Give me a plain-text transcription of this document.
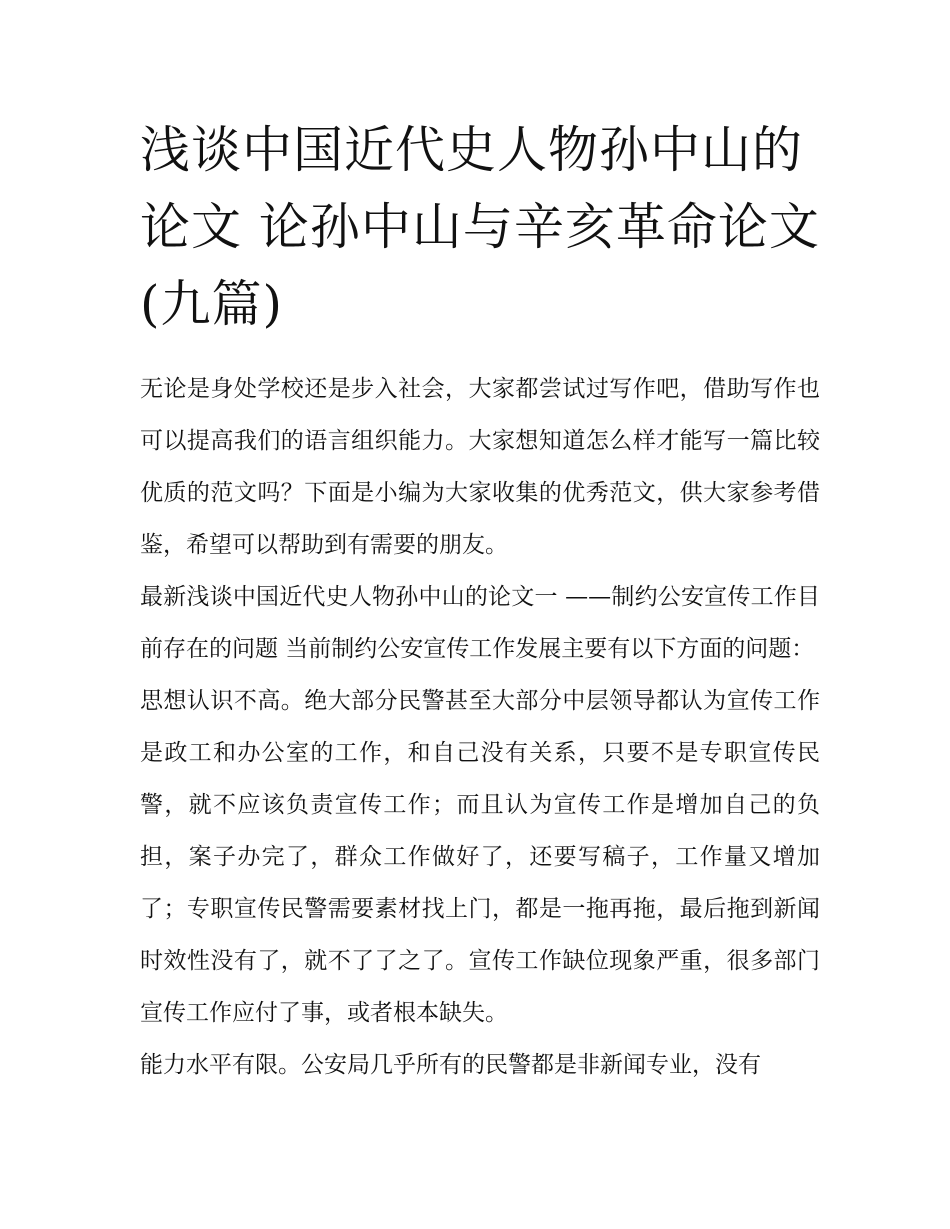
浅谈中国近代史人物孙中山的论文 论孙中山与辛亥革命论文(九篇)

无论是身处学校还是步入社会，大家都尝试过写作吧，借助写作也可以提高我们的语言组织能力。大家想知道怎么样才能写一篇比较优质的范文吗？下面是小编为大家收集的优秀范文，供大家参考借鉴，希望可以帮助到有需要的朋友。

最新浅谈中国近代史人物孙中山的论文一 ——制约公安宣传工作目前存在的问题 当前制约公安宣传工作发展主要有以下方面的问题：

思想认识不高。绝大部分民警甚至大部分中层领导都认为宣传工作是政工和办公室的工作，和自己没有关系，只要不是专职宣传民警，就不应该负责宣传工作；而且认为宣传工作是增加自己的负担，案子办完了，群众工作做好了，还要写稿子，工作量又增加了；专职宣传民警需要素材找上门，都是一拖再拖，最后拖到新闻时效性没有了，就不了了之了。宣传工作缺位现象严重，很多部门宣传工作应付了事，或者根本缺失。

能力水平有限。公安局几乎所有的民警都是非新闻专业，没有
